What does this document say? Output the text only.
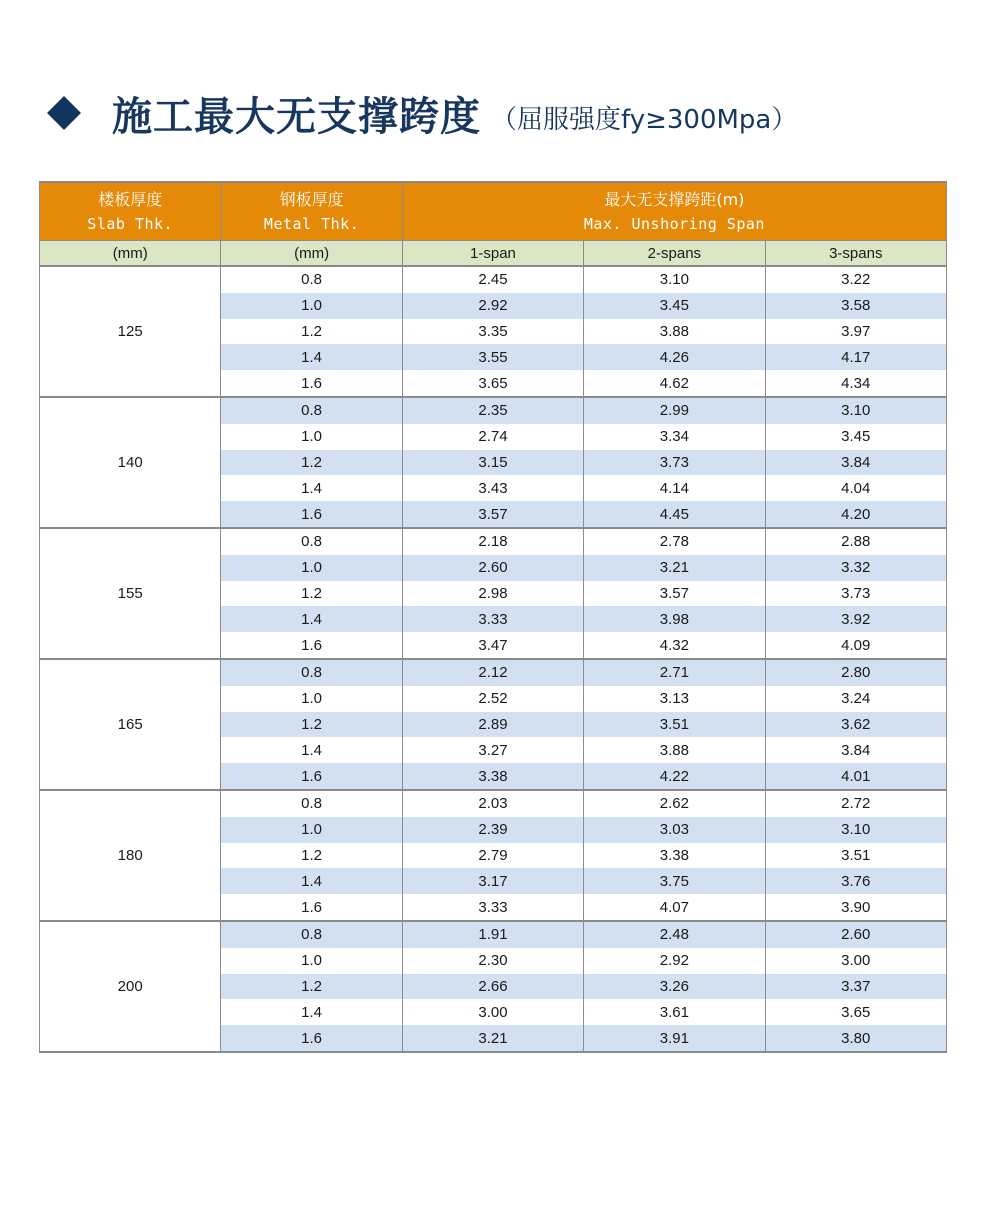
施工最大无支撑跨度 （屈服强度fy≥300Mpa）
楼板厚度
Slab Thk.	钢板厚度
Metal Thk.	最大无支撑跨距(m)
Max. Unshoring Span		

(mm)	(mm)	1-span	2-spans	3-spans
125	0.8	2.45	3.10	3.22
	1.0	2.92	3.45	3.58
	1.2	3.35	3.88	3.97
	1.4	3.55	4.26	4.17
	1.6	3.65	4.62	4.34
140	0.8	2.35	2.99	3.10
	1.0	2.74	3.34	3.45
	1.2	3.15	3.73	3.84
	1.4	3.43	4.14	4.04
	1.6	3.57	4.45	4.20
155	0.8	2.18	2.78	2.88
	1.0	2.60	3.21	3.32
	1.2	2.98	3.57	3.73
	1.4	3.33	3.98	3.92
	1.6	3.47	4.32	4.09
165	0.8	2.12	2.71	2.80
	1.0	2.52	3.13	3.24
	1.2	2.89	3.51	3.62
	1.4	3.27	3.88	3.84
	1.6	3.38	4.22	4.01
180	0.8	2.03	2.62	2.72
	1.0	2.39	3.03	3.10
	1.2	2.79	3.38	3.51
	1.4	3.17	3.75	3.76
	1.6	3.33	4.07	3.90
200	0.8	1.91	2.48	2.60
	1.0	2.30	2.92	3.00
	1.2	2.66	3.26	3.37
	1.4	3.00	3.61	3.65
	1.6	3.21	3.91	3.80
